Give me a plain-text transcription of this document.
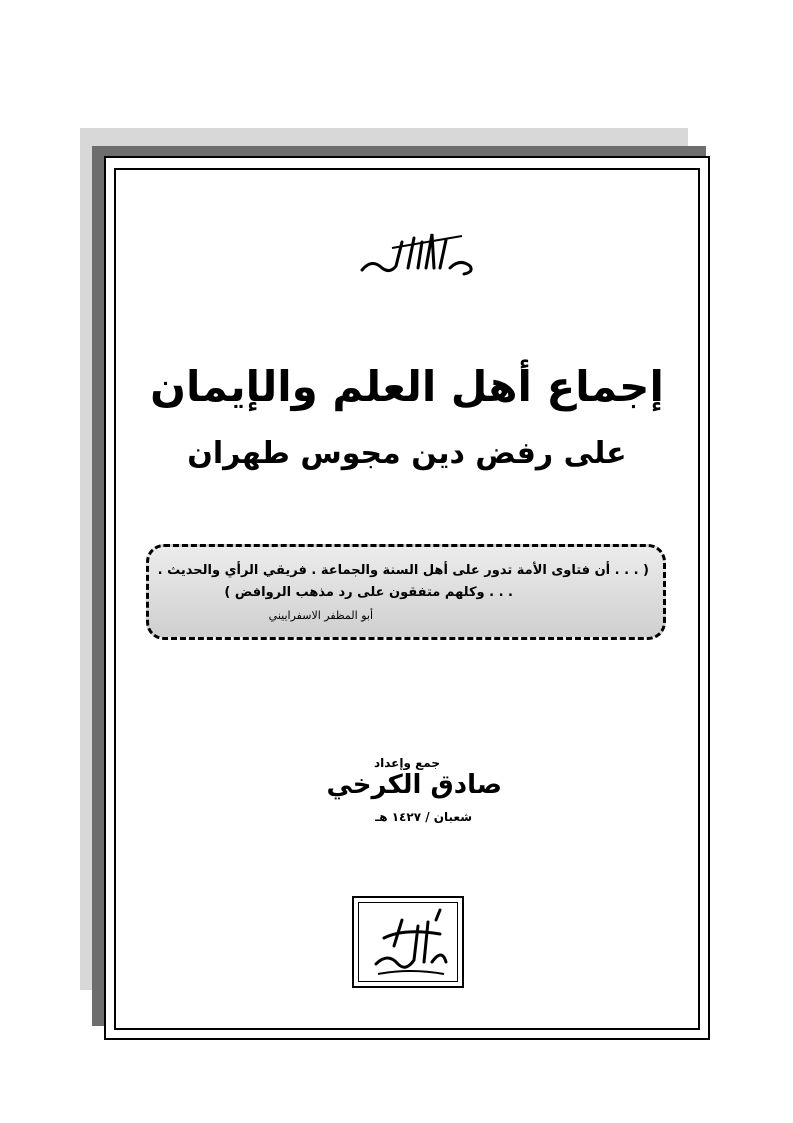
إجماع أهل العلم والإيمان
على رفض دين مجوس طهران
( . . . أن فتاوى الأمة تدور على أهل السنة والجماعة . فريقي الرأي والحديث .
. . . وكلهم متفقون على رد مذهب الروافض )
أبو المظفر الاسفراييني
جمع وإعداد
صادق الكرخي
شعبان / ١٤٢٧ هـ
